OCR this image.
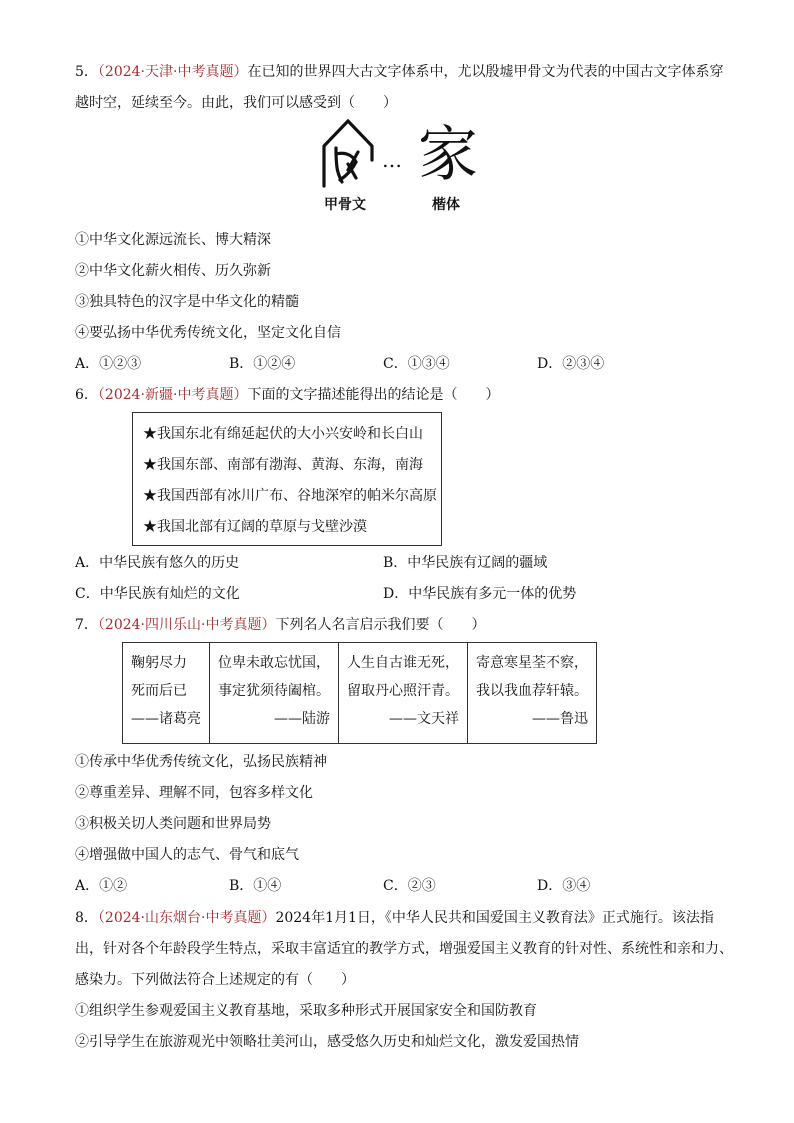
5．（2024·天津·中考真题）在已知的世界四大古文字体系中，尤以殷墟甲骨文为代表的中国古文字体系穿
越时空，延续至今。由此，我们可以感受到（　　）
… 家
甲骨文	楷体
①中华文化源远流长、博大精深
②中华文化薪火相传、历久弥新
③独具特色的汉字是中华文化的精髓
④要弘扬中华优秀传统文化，坚定文化自信
A．①②③	B．①②④	C．①③④	D．②③④
6．（2024·新疆·中考真题）下面的文字描述能得出的结论是（　　）
★我国东北有绵延起伏的大小兴安岭和长白山
★我国东部、南部有渤海、黄海、东海，南海
★我国西部有冰川广布、谷地深窄的帕米尔高原
★我国北部有辽阔的草原与戈壁沙漠
A．中华民族有悠久的历史	B．中华民族有辽阔的疆域
C．中华民族有灿烂的文化	D．中华民族有多元一体的优势
7．（2024·四川乐山·中考真题）下列名人名言启示我们要（　　）
鞠躬尽力
死而后已
——诸葛亮

位卑未敢忘忧国，
事定犹须待阖棺。
——陆游

人生自古谁无死，
留取丹心照汗青。
——文天祥

寄意寒星荃不察，
我以我血荐轩辕。
——鲁迅
①传承中华优秀传统文化，弘扬民族精神
②尊重差异、理解不同，包容多样文化
③积极关切人类问题和世界局势
④增强做中国人的志气、骨气和底气
A．①②	B．①④	C．②③	D．③④
8．（2024·山东烟台·中考真题）2024年1月1日，《中华人民共和国爱国主义教育法》正式施行。该法指
出，针对各个年龄段学生特点，采取丰富适宜的教学方式，增强爱国主义教育的针对性、系统性和亲和力、
感染力。下列做法符合上述规定的有（　　）
①组织学生参观爱国主义教育基地，采取多种形式开展国家安全和国防教育
②引导学生在旅游观光中领略壮美河山，感受悠久历史和灿烂文化，激发爱国热情
